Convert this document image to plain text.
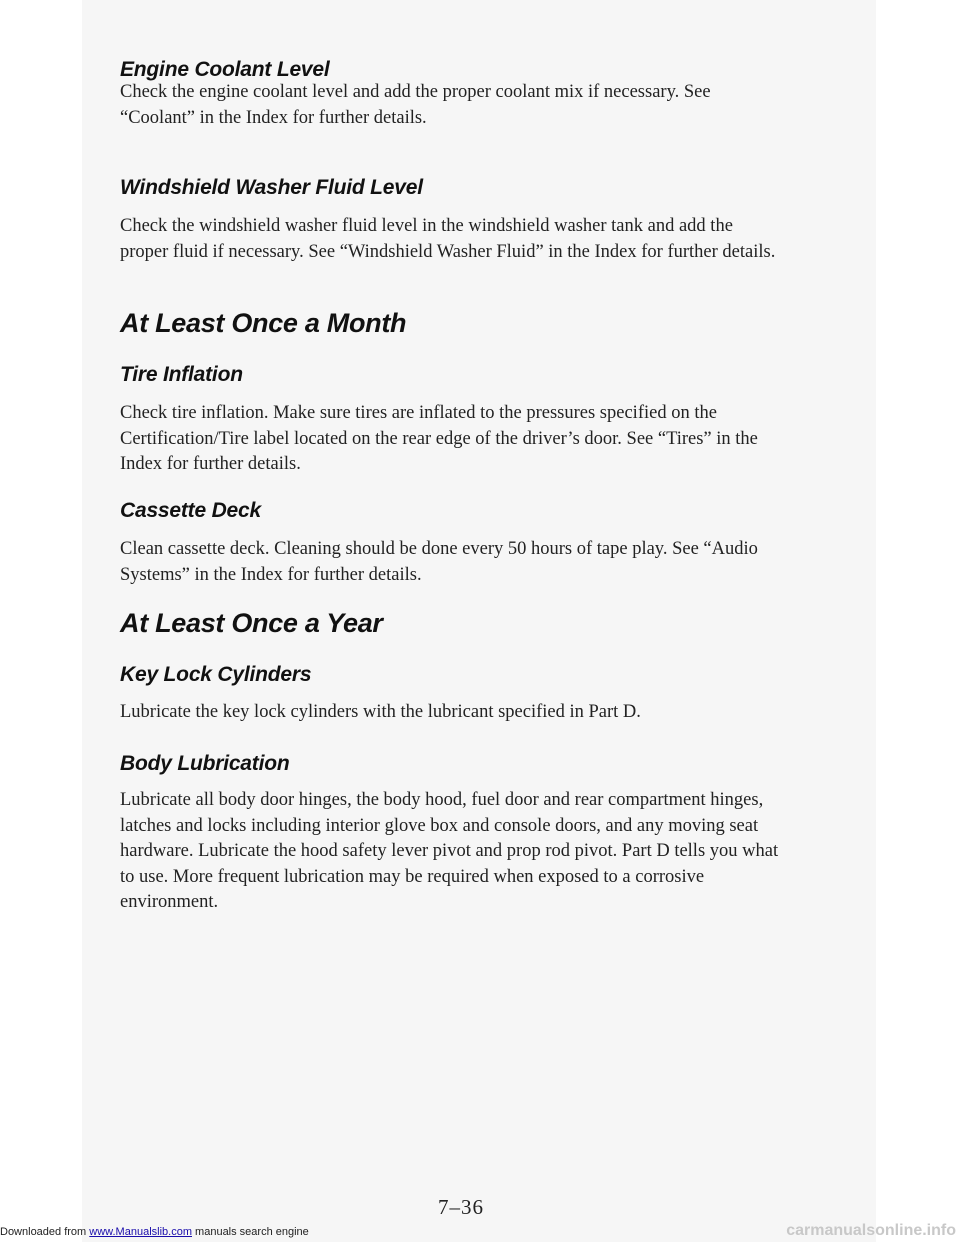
Engine Coolant Level

Check the engine coolant level and add the proper coolant mix if necessary. See “Coolant” in the Index for further details.

Windshield Washer Fluid Level

Check the windshield washer fluid level in the windshield washer tank and add the proper fluid if necessary. See “Windshield Washer Fluid” in the Index for further details.

At Least Once a Month
Tire Inflation

Check tire inflation. Make sure tires are inflated to the pressures specified on the Certification/Tire label located on the rear edge of the driver’s door. See “Tires” in the Index for further details.

Cassette Deck

Clean cassette deck. Cleaning should be done every 50 hours of tape play. See “Audio Systems” in the Index for further details.

At Least Once a Year
Key Lock Cylinders

Lubricate the key lock cylinders with the lubricant specified in Part D.

Body Lubrication

Lubricate all body door hinges, the body hood, fuel door and rear compartment hinges, latches and locks including interior glove box and console doors, and any moving seat hardware. Lubricate the hood safety lever pivot and prop rod pivot. Part D tells you what to use. More frequent lubrication may be required when exposed to a corrosive environment.

7–36
Downloaded from www.Manualslib.com manuals search engine	carmanualsonline.info
